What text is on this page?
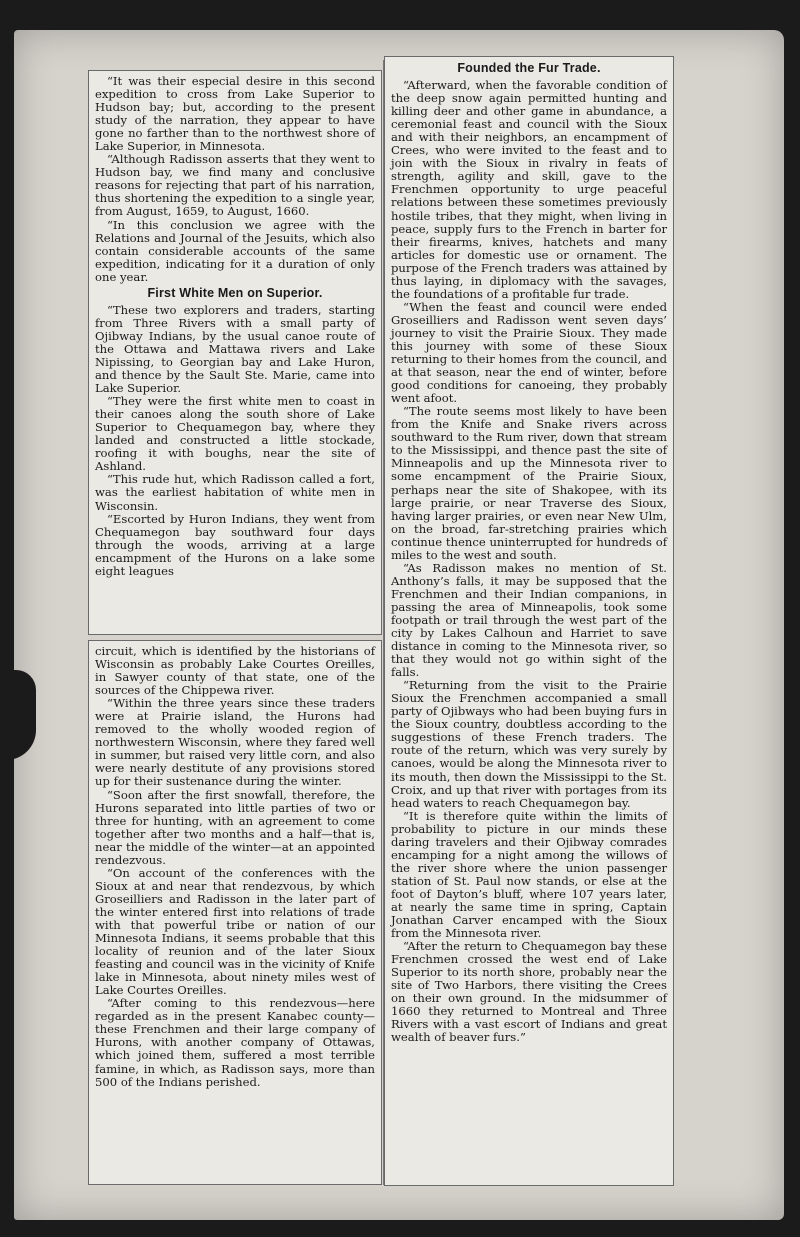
“It was their especial desire in this second expedition to cross from Lake Superior to Hudson bay; but, according to the present study of the narration, they appear to have gone no farther than to the northwest shore of Lake Superior, in Minnesota.

“Although Radisson asserts that they went to Hudson bay, we find many and conclusive reasons for rejecting that part of his narration, thus shortening the expedition to a single year, from August, 1659, to August, 1660.

“In this conclusion we agree with the Relations and Journal of the Jesuits, which also contain considerable accounts of the same expedition, indicating for it a duration of only one year.

First White Men on Superior.

“These two explorers and traders, starting from Three Rivers with a small party of Ojibway Indians, by the usual canoe route of the Ottawa and Mattawa rivers and Lake Nipissing, to Georgian bay and Lake Huron, and thence by the Sault Ste. Marie, came into Lake Superior.

“They were the first white men to coast in their canoes along the south shore of Lake Superior to Chequamegon bay, where they landed and constructed a little stockade, roofing it with boughs, near the site of Ashland.

“This rude hut, which Radisson called a fort, was the earliest habitation of white men in Wisconsin.

“Escorted by Huron Indians, they went from Chequamegon bay southward four days through the woods, arriving at a large encampment of the Hurons on a lake some eight leagues

circuit, which is identified by the historians of Wisconsin as probably Lake Courtes Oreilles, in Sawyer county of that state, one of the sources of the Chippewa river.

“Within the three years since these traders were at Prairie island, the Hurons had removed to the wholly wooded region of northwestern Wisconsin, where they fared well in summer, but raised very little corn, and also were nearly destitute of any provisions stored up for their sustenance during the winter.

“Soon after the first snowfall, therefore, the Hurons separated into little parties of two or three for hunting, with an agreement to come together after two months and a half—that is, near the middle of the winter—at an appointed rendezvous.

“On account of the conferences with the Sioux at and near that rendezvous, by which Groseilliers and Radisson in the later part of the winter entered first into relations of trade with that powerful tribe or nation of our Minnesota Indians, it seems probable that this locality of reunion and of the later Sioux feasting and council was in the vicinity of Knife lake in Minnesota, about ninety miles west of Lake Courtes Oreilles.

“After coming to this rendezvous—here regarded as in the present Kanabec county—these Frenchmen and their large company of Hurons, with another company of Ottawas, which joined them, suffered a most terrible famine, in which, as Radisson says, more than 500 of the Indians perished.

Founded the Fur Trade.

“Afterward, when the favorable condition of the deep snow again permitted hunting and killing deer and other game in abundance, a ceremonial feast and council with the Sioux and with their neighbors, an encampment of Crees, who were invited to the feast and to join with the Sioux in rivalry in feats of strength, agility and skill, gave to the Frenchmen opportunity to urge peaceful relations between these sometimes previously hostile tribes, that they might, when living in peace, supply furs to the French in barter for their firearms, knives, hatchets and many articles for domestic use or ornament. The purpose of the French traders was attained by thus laying, in diplomacy with the savages, the foundations of a profitable fur trade.

“When the feast and council were ended Groseilliers and Radisson went seven days’ journey to visit the Prairie Sioux. They made this journey with some of these Sioux returning to their homes from the council, and at that season, near the end of winter, before good conditions for canoeing, they probably went afoot.

“The route seems most likely to have been from the Knife and Snake rivers across southward to the Rum river, down that stream to the Mississippi, and thence past the site of Minneapolis and up the Minnesota river to some encampment of the Prairie Sioux, perhaps near the site of Shakopee, with its large prairie, or near Traverse des Sioux, having larger prairies, or even near New Ulm, on the broad, far-stretching prairies which continue thence uninterrupted for hundreds of miles to the west and south.

“As Radisson makes no mention of St. Anthony’s falls, it may be supposed that the Frenchmen and their Indian companions, in passing the area of Minneapolis, took some footpath or trail through the west part of the city by Lakes Calhoun and Harriet to save distance in coming to the Minnesota river, so that they would not go within sight of the falls.

“Returning from the visit to the Prairie Sioux the Frenchmen accompanied a small party of Ojibways who had been buying furs in the Sioux country, doubtless according to the suggestions of these French traders. The route of the return, which was very surely by canoes, would be along the Minnesota river to its mouth, then down the Mississippi to the St. Croix, and up that river with portages from its head waters to reach Chequamegon bay.

“It is therefore quite within the limits of probability to picture in our minds these daring travelers and their Ojibway comrades encamping for a night among the willows of the river shore where the union passenger station of St. Paul now stands, or else at the foot of Dayton’s bluff, where 107 years later, at nearly the same time in spring, Captain Jonathan Carver encamped with the Sioux from the Minnesota river.

“After the return to Chequamegon bay these Frenchmen crossed the west end of Lake Superior to its north shore, probably near the site of Two Harbors, there visiting the Crees on their own ground. In the midsummer of 1660 they returned to Montreal and Three Rivers with a vast escort of Indians and great wealth of beaver furs.”
